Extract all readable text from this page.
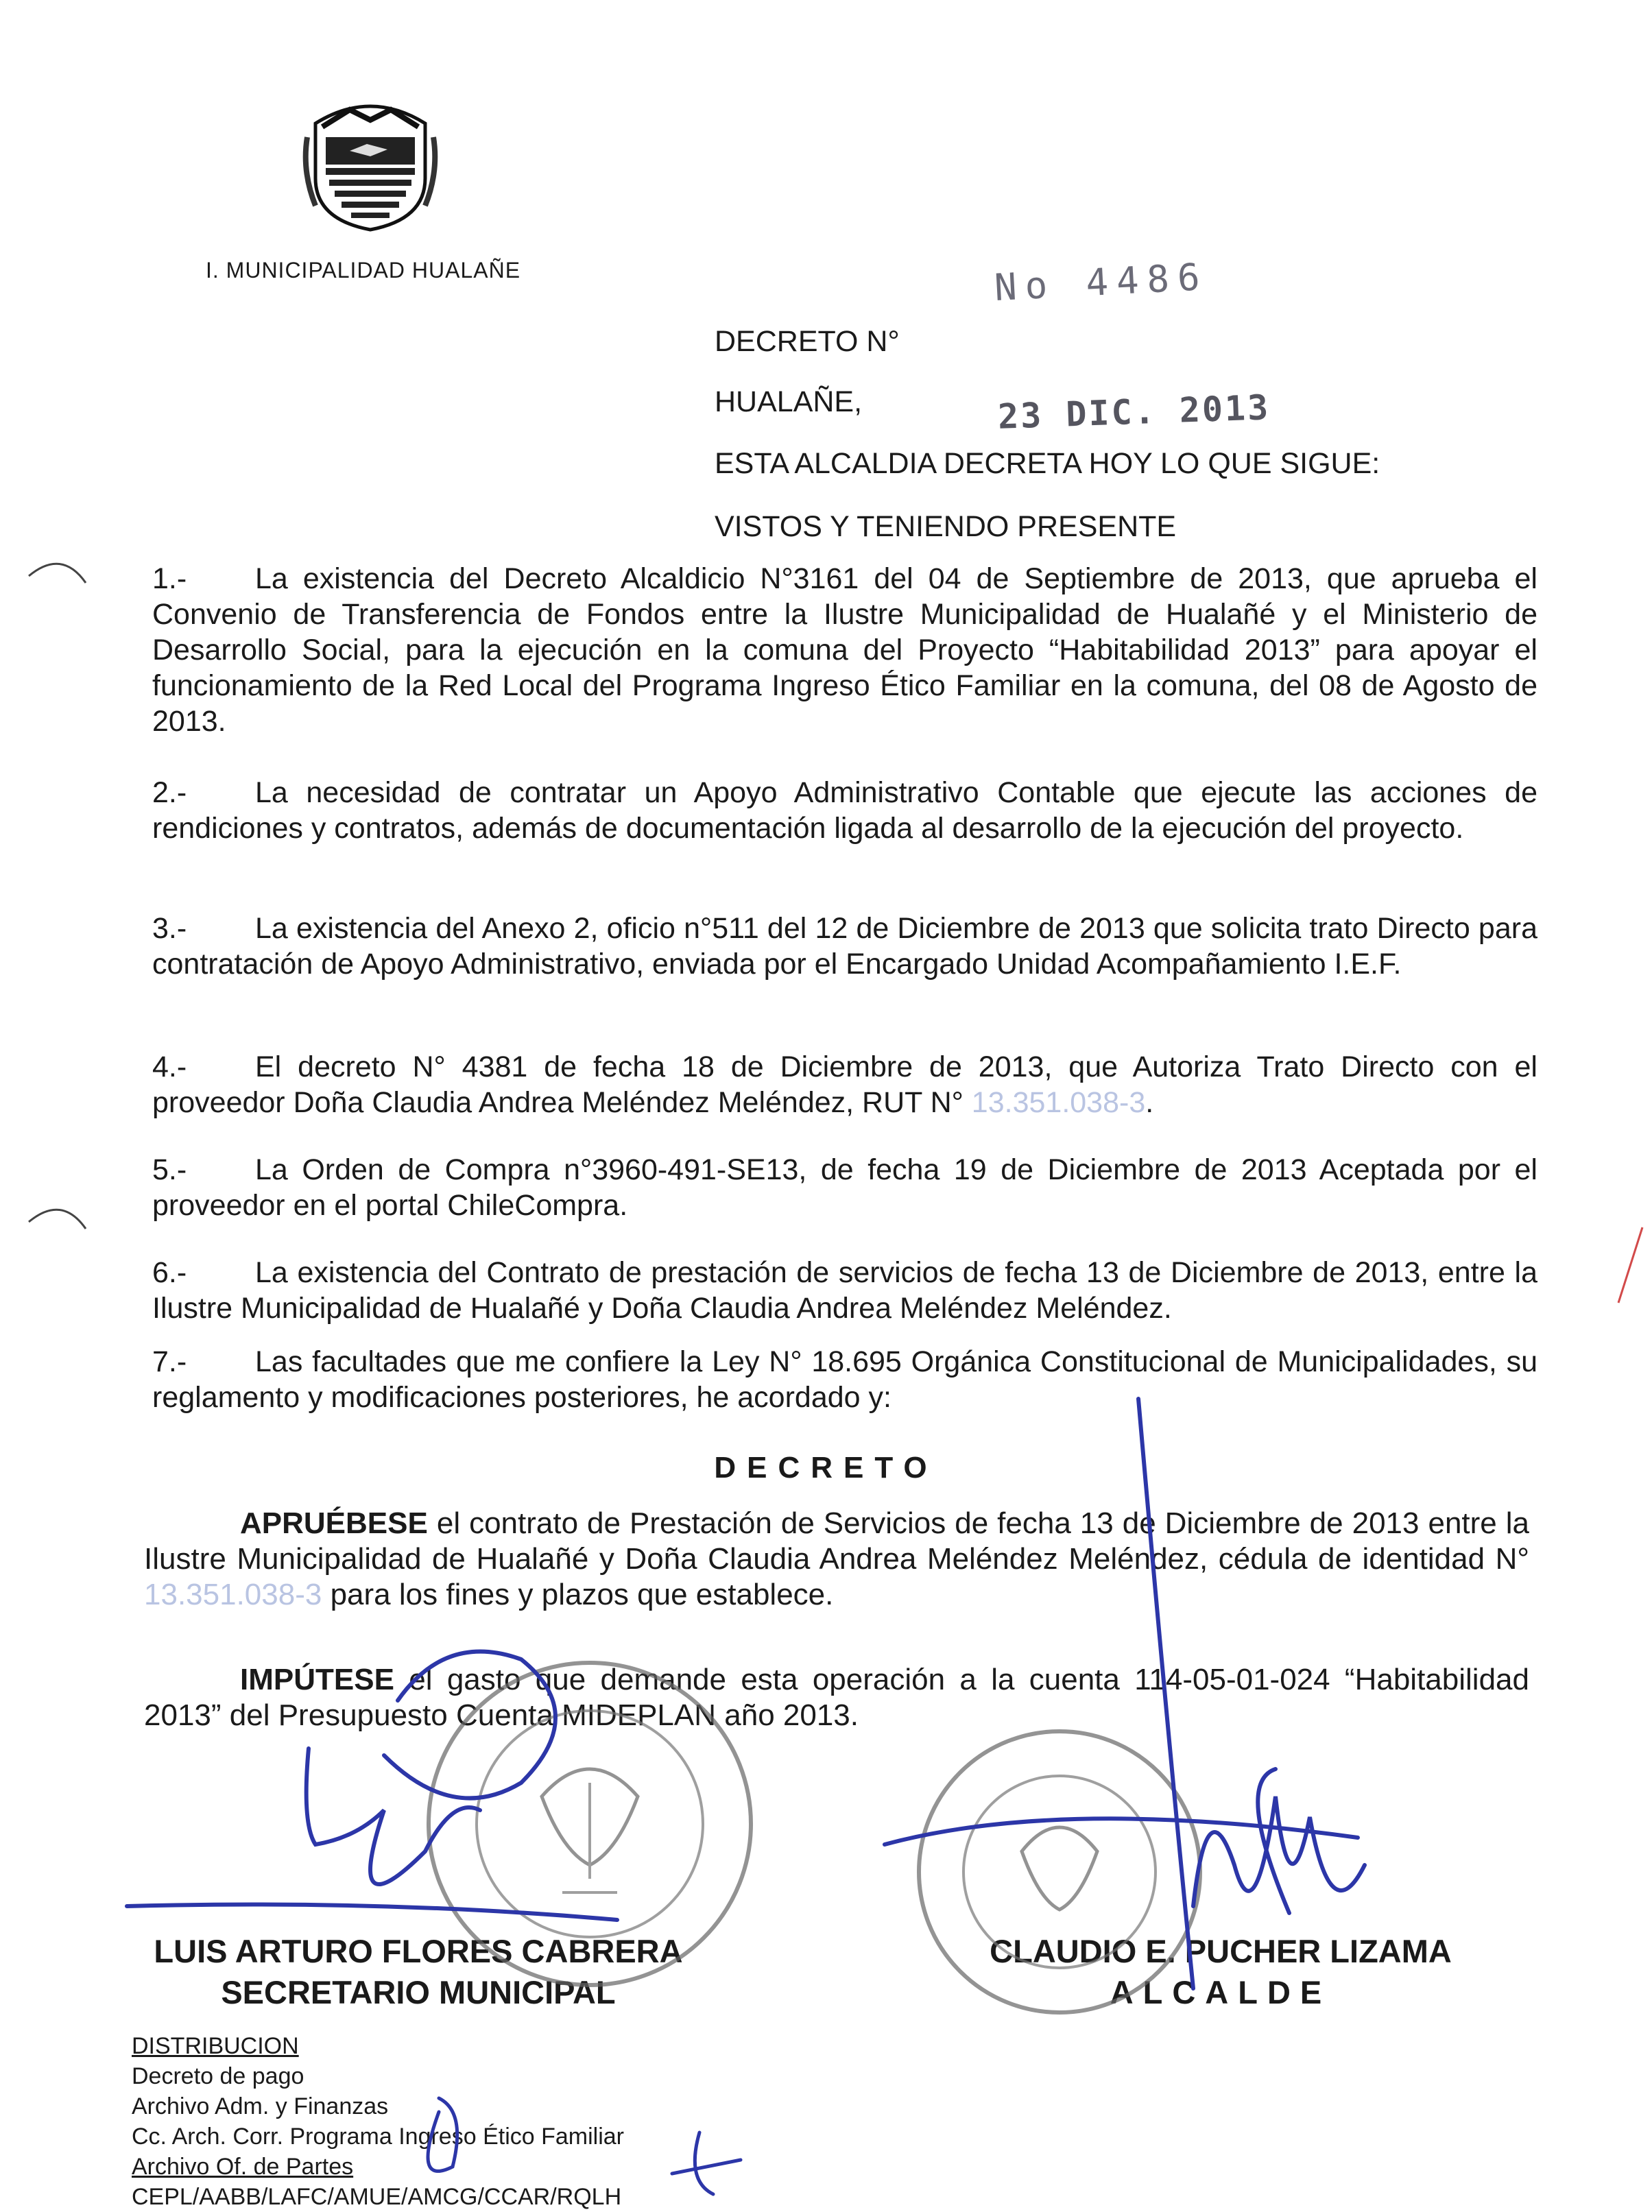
I. MUNICIPALIDAD HUALAÑE
DECRETO N°
No 4486
HUALAÑE,	23 DIC. 2013
ESTA ALCALDIA DECRETA HOY LO QUE SIGUE:
VISTOS Y TENIENDO PRESENTE
1.- La existencia del Decreto Alcaldicio N°3161 del 04 de Septiembre de 2013, que aprueba el Convenio de Transferencia de Fondos entre la Ilustre Municipalidad de Hualañé y el Ministerio de Desarrollo Social, para la ejecución en la comuna del Proyecto “Habitabilidad 2013” para apoyar el funcionamiento de la Red Local del Programa Ingreso Ético Familiar en la comuna, del 08 de Agosto de 2013.
2.- La necesidad de contratar un Apoyo Administrativo Contable que ejecute las acciones de rendiciones y contratos, además de documentación ligada al desarrollo de la ejecución del proyecto.
3.- La existencia del Anexo 2, oficio n°511 del 12 de Diciembre de 2013 que solicita trato Directo para contratación de Apoyo Administrativo, enviada por el Encargado Unidad Acompañamiento I.E.F.
4.- El decreto N° 4381 de fecha 18 de Diciembre de 2013, que Autoriza Trato Directo con el proveedor Doña Claudia Andrea Meléndez Meléndez, RUT N° 13.351.038-3.
5.- La Orden de Compra n°3960-491-SE13, de fecha 19 de Diciembre de 2013 Aceptada por el proveedor en el portal ChileCompra.
6.- La existencia del Contrato de prestación de servicios de fecha 13 de Diciembre de 2013, entre la Ilustre Municipalidad de Hualañé y Doña Claudia Andrea Meléndez Meléndez.
7.- Las facultades que me confiere la Ley N° 18.695 Orgánica Constitucional de Municipalidades, su reglamento y modificaciones posteriores, he acordado y:
DECRETO
APRUÉBESE el contrato de Prestación de Servicios de fecha 13 de Diciembre de 2013 entre la Ilustre Municipalidad de Hualañé y Doña Claudia Andrea Meléndez Meléndez, cédula de identidad N° 13.351.038-3 para los fines y plazos que establece.
IMPÚTESE el gasto que demande esta operación a la cuenta 114-05-01-024 “Habitabilidad 2013” del Presupuesto Cuenta MIDEPLAN año 2013.
LUIS ARTURO FLORES CABRERA
SECRETARIO MUNICIPAL
CLAUDIO E. PUCHER LIZAMA
ALCALDE
DISTRIBUCION
Decreto de pago
Archivo Adm. y Finanzas
Cc. Arch. Corr. Programa Ingreso Ético Familiar
Archivo Of. de Partes
CEPL/AABB/LAFC/AMUE/AMCG/CCAR/RQLH
